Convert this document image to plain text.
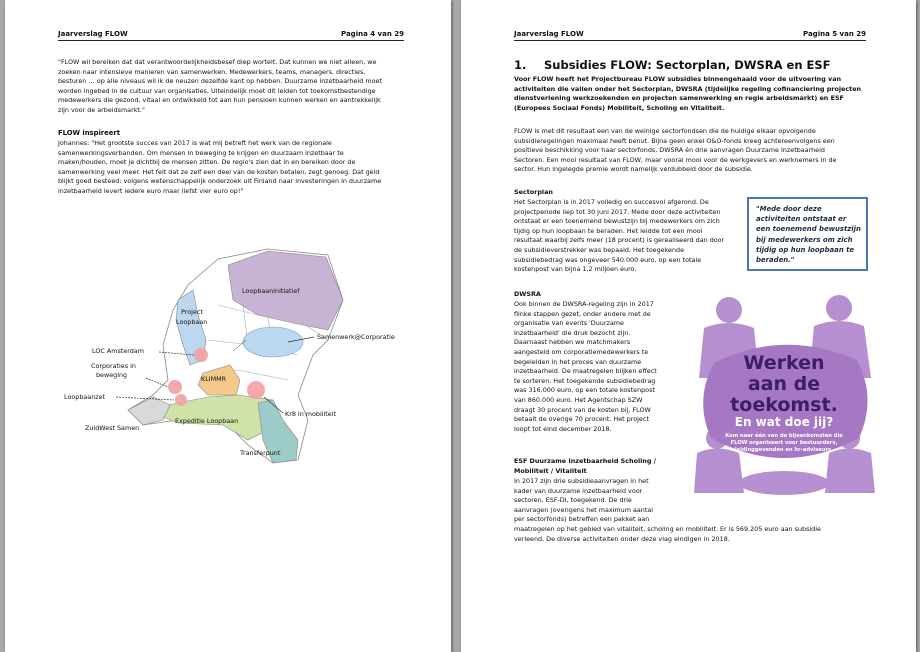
Jaarverslag FLOW	Pagina 4 van 29

"FLOW wil bereiken dat dat verantwoordelijkheidsbesef diep wortelt. Dat kunnen we niet alleen, we

zoeken naar intensieve manieren van samenwerken. Medewerkers, teams, managers, directies,

besturen … op alle niveaus wil ik de neuzen dezelfde kant op hebben. Duurzame inzetbaarheid moet

worden ingebed in de cultuur van organisaties. Uiteindelijk moet dit leiden tot toekomstbestendige

medewerkers die gezond, vitaal en ontwikkeld tot aan hun pensioen kunnen werken en aantrekkelijk

zijn voor de arbeidsmarkt."

FLOW inspireert

Johannes: "Het grootste succes van 2017 is wat mij betreft het werk van de regionale

samenwerkingsverbanden. Om mensen in beweging te krijgen en duurzaam inzetbaar te

maken/houden, moet je dichtbij de mensen zitten. De regio's zien dat in en bereiken door de

samenwerking veel meer. Het feit dat ze zelf een deel van de kosten betalen, zegt genoeg. Dat geld

blijkt goed besteed: volgens wetenschappelijk onderzoek uit Finland naar investeringen in duurzame

inzetbaarheid levert iedere euro maar liefst vier euro op!"

Loopbaaninitiatief
Project
Loopbaan
Samenwerk@Corporatie
LOC Amsterdam
Corporaties in
beweging	KLIMMR
Loopbaanzet
Kr8 in mobiliteit
ZuidWest Samen
Expeditie Loopbaan
Transferpunt
Jaarverslag FLOW	Pagina 5 van 29
1. Subsidies FLOW: Sectorplan, DWSRA en ESF

Voor FLOW heeft het Projectbureau FLOW subsidies binnengehaald voor de uitvoering van

activiteiten die vallen onder het Sectorplan, DWSRA (tijdelijke regeling cofinanciering projecten

dienstverlening werkzoekenden en projecten samenwerking en regie arbeidsmarkt) en ESF

(Europees Sociaal Fonds) Mobiliteit, Scholing en Vitaliteit.

FLOW is met dit resultaat een van de weinige sectorfondsen die de huidige elkaar opvolgende

subsidieregelingen maximaal heeft benut. Bijna geen enkel O&O-fonds kreeg achtereenvolgens een

positieve beschikking voor haar sectorfonds, DWSRA én drie aanvragen Duurzame Inzetbaarheid

Sectoren. Een mooi resultaat van FLOW, maar vooral mooi voor de werkgevers en werknemers in de

sector. Hun ingelegde premie wordt namelijk verdubbeld door de subsidie.

Sectorplan

Het Sectorplan is in 2017 volledig en succesvol afgerond. De

projectperiode liep tot 30 juni 2017. Mede door deze activiteiten

ontstaat er een toenemend bewustzijn bij medewerkers om zich

tijdig op hun loopbaan te beraden. Het leidde tot een mooi

resultaat waarbij zelfs meer (18 procent) is gerealiseerd dan door

de subsidieverstrekker was bepaald. Het toegekende

subsidiebedrag was ongeveer 540.000 euro, op een totale

kostenpost van bijna 1,2 miljoen euro.

"Mede door deze activiteiten ontstaat er een toenemend bewustzijn bij medewerkers om zich tijdig op hun loopbaan te beraden."
DWSRA

Ook binnen de DWSRA-regeling zijn in 2017

flinke stappen gezet, onder andere met de

organisatie van events 'Duurzame

Inzetbaarheid' die druk bezocht zijn.

Daarnaast hebben we matchmakers

aangesteld om corporatiemedewerkers te

begeleiden in het proces van duurzame

inzetbaarheid. De maatregelen blijken effect

te sorteren. Het toegekende subsidiebedrag

was 316.000 euro, op een totale kostenpost

van 860.000 euro. Het Agentschap SZW

draagt 30 procent van de kosten bij, FLOW

betaalt de overige 70 procent. Het project

loopt tot eind december 2018.

Werken
aan de
toekomst.
En wat doe jij?
Kom naar één van de bijeenkomsten die FLOW organiseert voor bestuurders, leidinggevenden en hr-adviseurs.

ESF Duurzame Inzetbaarheid Scholing /

Mobiliteit / Vitaliteit

In 2017 zijn drie subsidieaanvragen in het

kader van duurzame inzetbaarheid voor

sectoren, ESF-DI, toegekend. De drie

aanvragen (overigens het maximum aantal

per sectorfonds) betreffen een pakket aan

maatregelen op het gebied van vitaliteit, scholing en mobiliteit. Er is 569.205 euro aan subsidie

verleend. De diverse activiteiten onder deze vlag eindigen in 2018.
